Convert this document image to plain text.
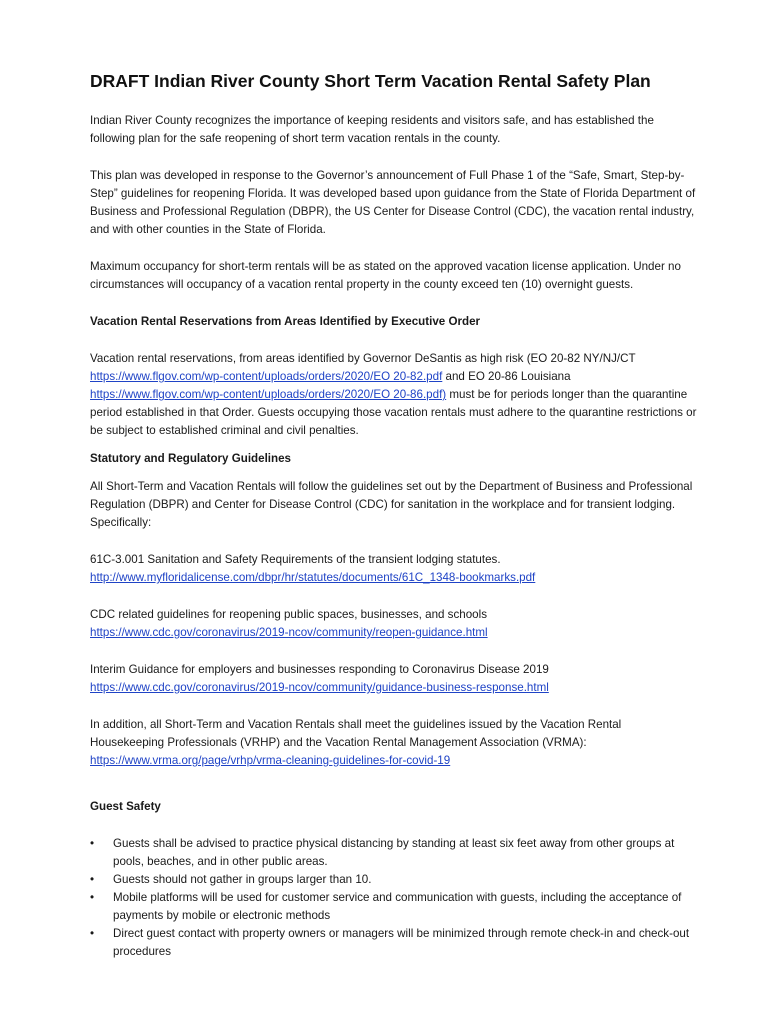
DRAFT Indian River County Short Term Vacation Rental Safety Plan

Indian River County recognizes the importance of keeping residents and visitors safe, and has established the following plan for the safe reopening of short term vacation rentals in the county.

This plan was developed in response to the Governor’s announcement of Full Phase 1 of the “Safe, Smart, Step-by-Step” guidelines for reopening Florida. It was developed based upon guidance from the State of Florida Department of Business and Professional Regulation (DBPR), the US Center for Disease Control (CDC), the vacation rental industry, and with other counties in the State of Florida.

Maximum occupancy for short-term rentals will be as stated on the approved vacation license application. Under no circumstances will occupancy of a vacation rental property in the county exceed ten (10) overnight guests.

Vacation Rental Reservations from Areas Identified by Executive Order

Vacation rental reservations, from areas identified by Governor DeSantis as high risk (EO 20-82 NY/NJ/CT
https://www.flgov.com/wp-content/uploads/orders/2020/EO 20-82.pdf and EO 20-86 Louisiana
https://www.flgov.com/wp-content/uploads/orders/2020/EO 20-86.pdf) must be for periods longer than the quarantine period established in that Order. Guests occupying those vacation rentals must adhere to the quarantine restrictions or be subject to established criminal and civil penalties.

Statutory and Regulatory Guidelines

All Short-Term and Vacation Rentals will follow the guidelines set out by the Department of Business and Professional Regulation (DBPR) and Center for Disease Control (CDC) for sanitation in the workplace and for transient lodging. Specifically:

61C-3.001 Sanitation and Safety Requirements of the transient lodging statutes.
http://www.myfloridalicense.com/dbpr/hr/statutes/documents/61C_1348-bookmarks.pdf

CDC related guidelines for reopening public spaces, businesses, and schools
https://www.cdc.gov/coronavirus/2019-ncov/community/reopen-guidance.html

Interim Guidance for employers and businesses responding to Coronavirus Disease 2019
https://www.cdc.gov/coronavirus/2019-ncov/community/guidance-business-response.html

In addition, all Short-Term and Vacation Rentals shall meet the guidelines issued by the Vacation Rental Housekeeping Professionals (VRHP) and the Vacation Rental Management Association (VRMA):
https://www.vrma.org/page/vrhp/vrma-cleaning-guidelines-for-covid-19

Guest Safety
• Guests shall be advised to practice physical distancing by standing at least six feet away from other groups at pools, beaches, and in other public areas.
• Guests should not gather in groups larger than 10.
• Mobile platforms will be used for customer service and communication with guests, including the acceptance of payments by mobile or electronic methods
• Direct guest contact with property owners or managers will be minimized through remote check-in and check-out procedures
